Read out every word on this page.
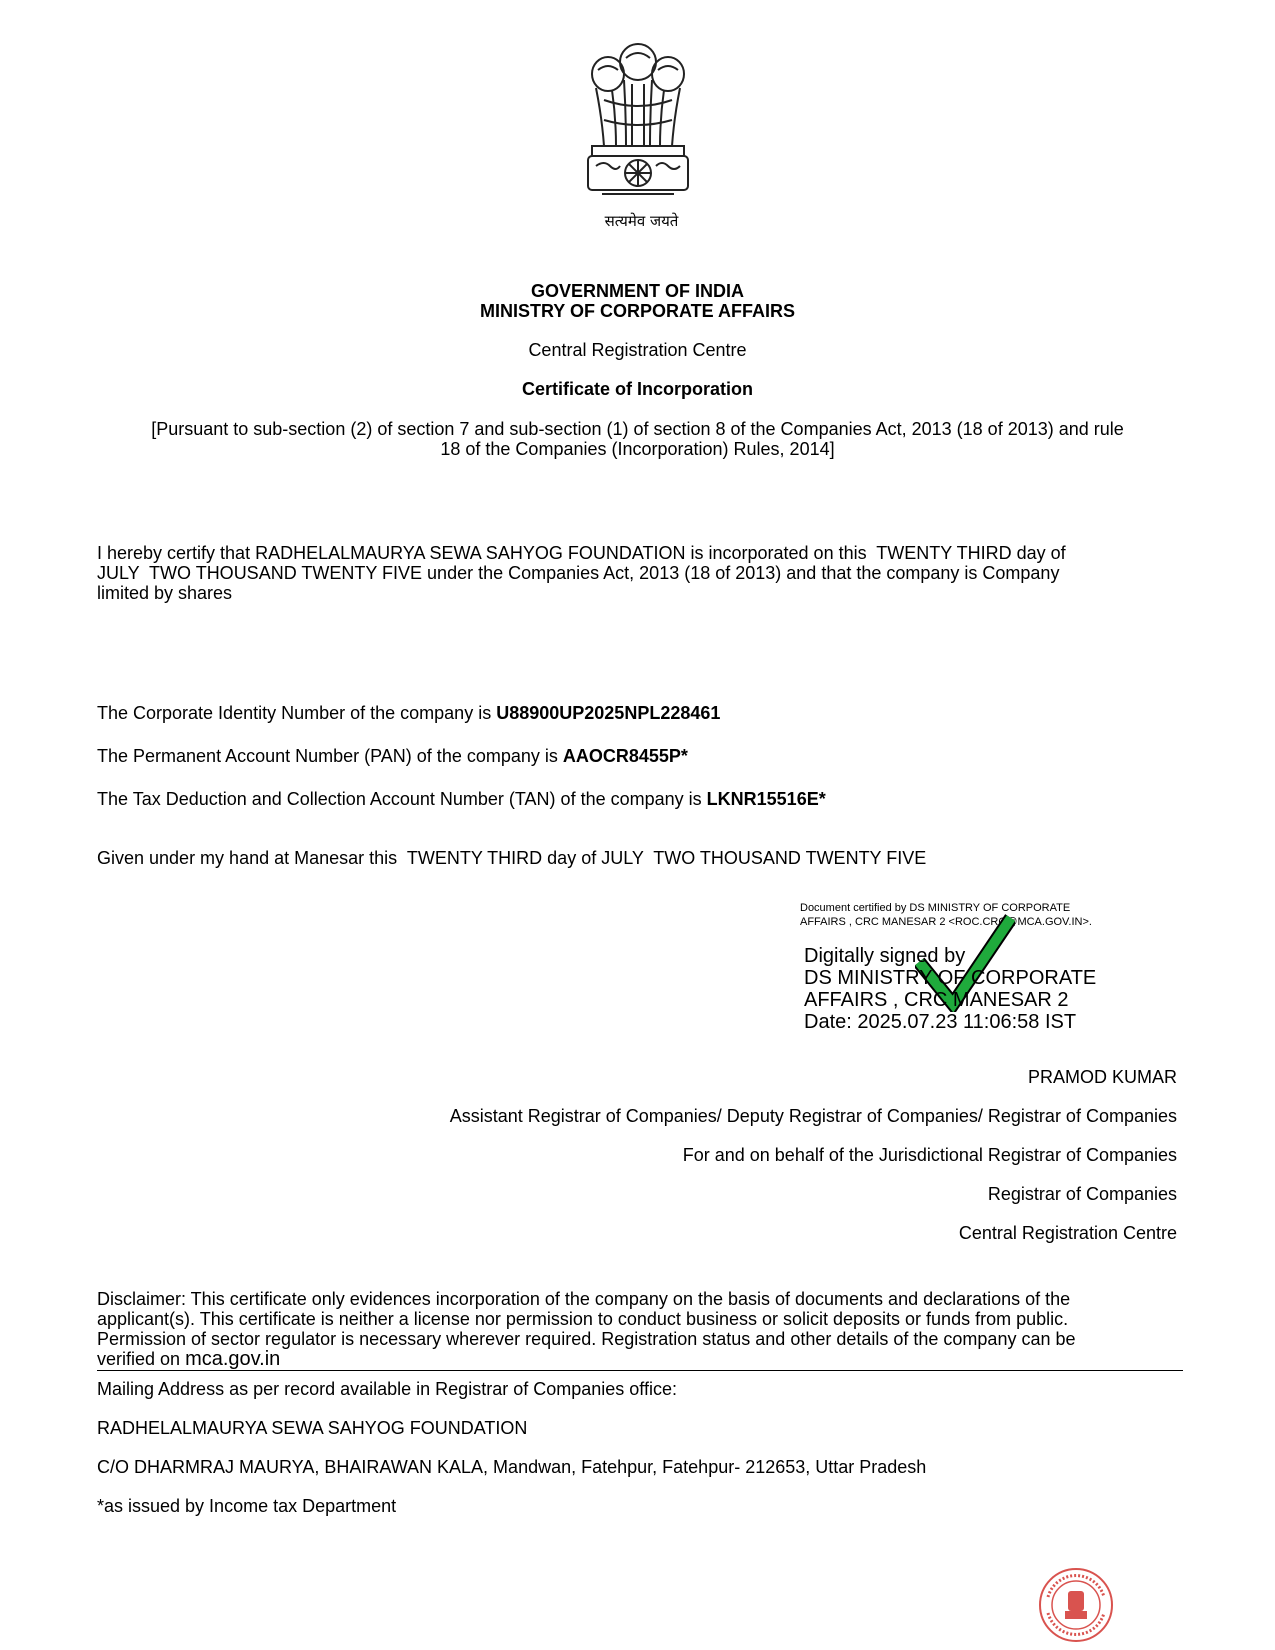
सत्यमेव जयते
GOVERNMENT OF INDIA
MINISTRY OF CORPORATE AFFAIRS
Central Registration Centre
Certificate of Incorporation
[Pursuant to sub-section (2) of section 7 and sub-section (1) of section 8 of the Companies Act, 2013 (18 of 2013) and rule
18 of the Companies (Incorporation) Rules, 2014]
I hereby certify that RADHELALMAURYA SEWA SAHYOG FOUNDATION is incorporated on this  TWENTY THIRD day of
JULY  TWO THOUSAND TWENTY FIVE under the Companies Act, 2013 (18 of 2013) and that the company is Company
limited by shares
The Corporate Identity Number of the company is U88900UP2025NPL228461
The Permanent Account Number (PAN) of the company is AAOCR8455P*
The Tax Deduction and Collection Account Number (TAN) of the company is LKNR15516E*
Given under my hand at Manesar this  TWENTY THIRD day of JULY  TWO THOUSAND TWENTY FIVE
Document certified by DS MINISTRY OF CORPORATE
AFFAIRS , CRC MANESAR 2 <ROC.CRC@MCA.GOV.IN>.
Digitally signed by
DS MINISTRY OF CORPORATE
AFFAIRS , CRC MANESAR 2
Date: 2025.07.23 11:06:58 IST
PRAMOD KUMAR
Assistant Registrar of Companies/ Deputy Registrar of Companies/ Registrar of Companies
For and on behalf of the Jurisdictional Registrar of Companies
Registrar of Companies
Central Registration Centre
Disclaimer: This certificate only evidences incorporation of the company on the basis of documents and declarations of the
applicant(s). This certificate is neither a license nor permission to conduct business or solicit deposits or funds from public.
Permission of sector regulator is necessary wherever required. Registration status and other details of the company can be
verified on mca.gov.in
Mailing Address as per record available in Registrar of Companies office:
RADHELALMAURYA SEWA SAHYOG FOUNDATION
C/O DHARMRAJ MAURYA, BHAIRAWAN KALA, Mandwan, Fatehpur, Fatehpur- 212653, Uttar Pradesh
*as issued by Income tax Department
